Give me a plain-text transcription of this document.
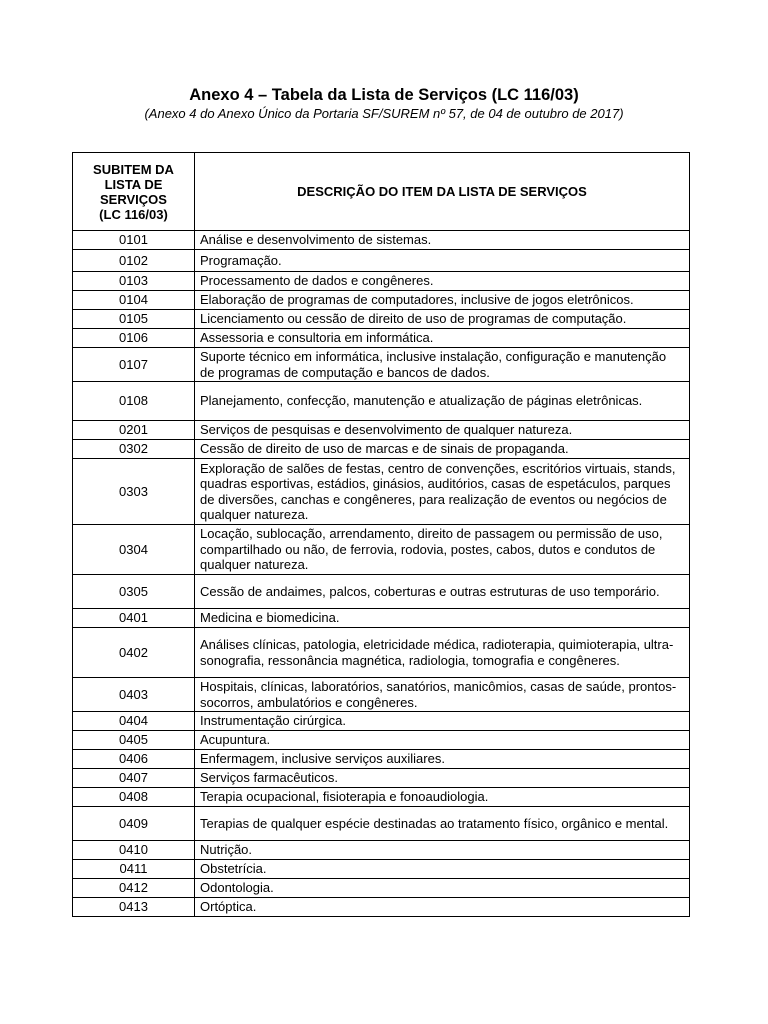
Anexo 4 – Tabela da Lista de Serviços (LC 116/03)

(Anexo 4 do Anexo Único da Portaria SF/SUREM nº 57, de 04 de outubro de 2017)

SUBITEM DA
LISTA DE
SERVIÇOS
(LC 116/03)	DESCRIÇÃO DO ITEM DA LISTA DE SERVIÇOS
0101	Análise e desenvolvimento de sistemas.
0102	Programação.
0103	Processamento de dados e congêneres.
0104	Elaboração de programas de computadores, inclusive de jogos eletrônicos.
0105	Licenciamento ou cessão de direito de uso de programas de computação.
0106	Assessoria e consultoria em informática.
0107	Suporte técnico em informática, inclusive instalação, configuração e manutenção de programas de computação e bancos de dados.
0108	Planejamento, confecção, manutenção e atualização de páginas eletrônicas.
0201	Serviços de pesquisas e desenvolvimento de qualquer natureza.
0302	Cessão de direito de uso de marcas e de sinais de propaganda.
0303	Exploração de salões de festas, centro de convenções, escritórios virtuais, stands, quadras esportivas, estádios, ginásios, auditórios, casas de espetáculos, parques de diversões, canchas e congêneres, para realização de eventos ou negócios de qualquer natureza.
0304	Locação, sublocação, arrendamento, direito de passagem ou permissão de uso, compartilhado ou não, de ferrovia, rodovia, postes, cabos, dutos e condutos de qualquer natureza.
0305	Cessão de andaimes, palcos, coberturas e outras estruturas de uso temporário.
0401	Medicina e biomedicina.
0402	Análises clínicas, patologia, eletricidade médica, radioterapia, quimioterapia, ultra-sonografia, ressonância magnética, radiologia, tomografia e congêneres.
0403	Hospitais, clínicas, laboratórios, sanatórios, manicômios, casas de saúde, prontos-socorros, ambulatórios e congêneres.
0404	Instrumentação cirúrgica.
0405	Acupuntura.
0406	Enfermagem, inclusive serviços auxiliares.
0407	Serviços farmacêuticos.
0408	Terapia ocupacional, fisioterapia e fonoaudiologia.
0409	Terapias de qualquer espécie destinadas ao tratamento físico, orgânico e mental.
0410	Nutrição.
0411	Obstetrícia.
0412	Odontologia.
0413	Ortóptica.
